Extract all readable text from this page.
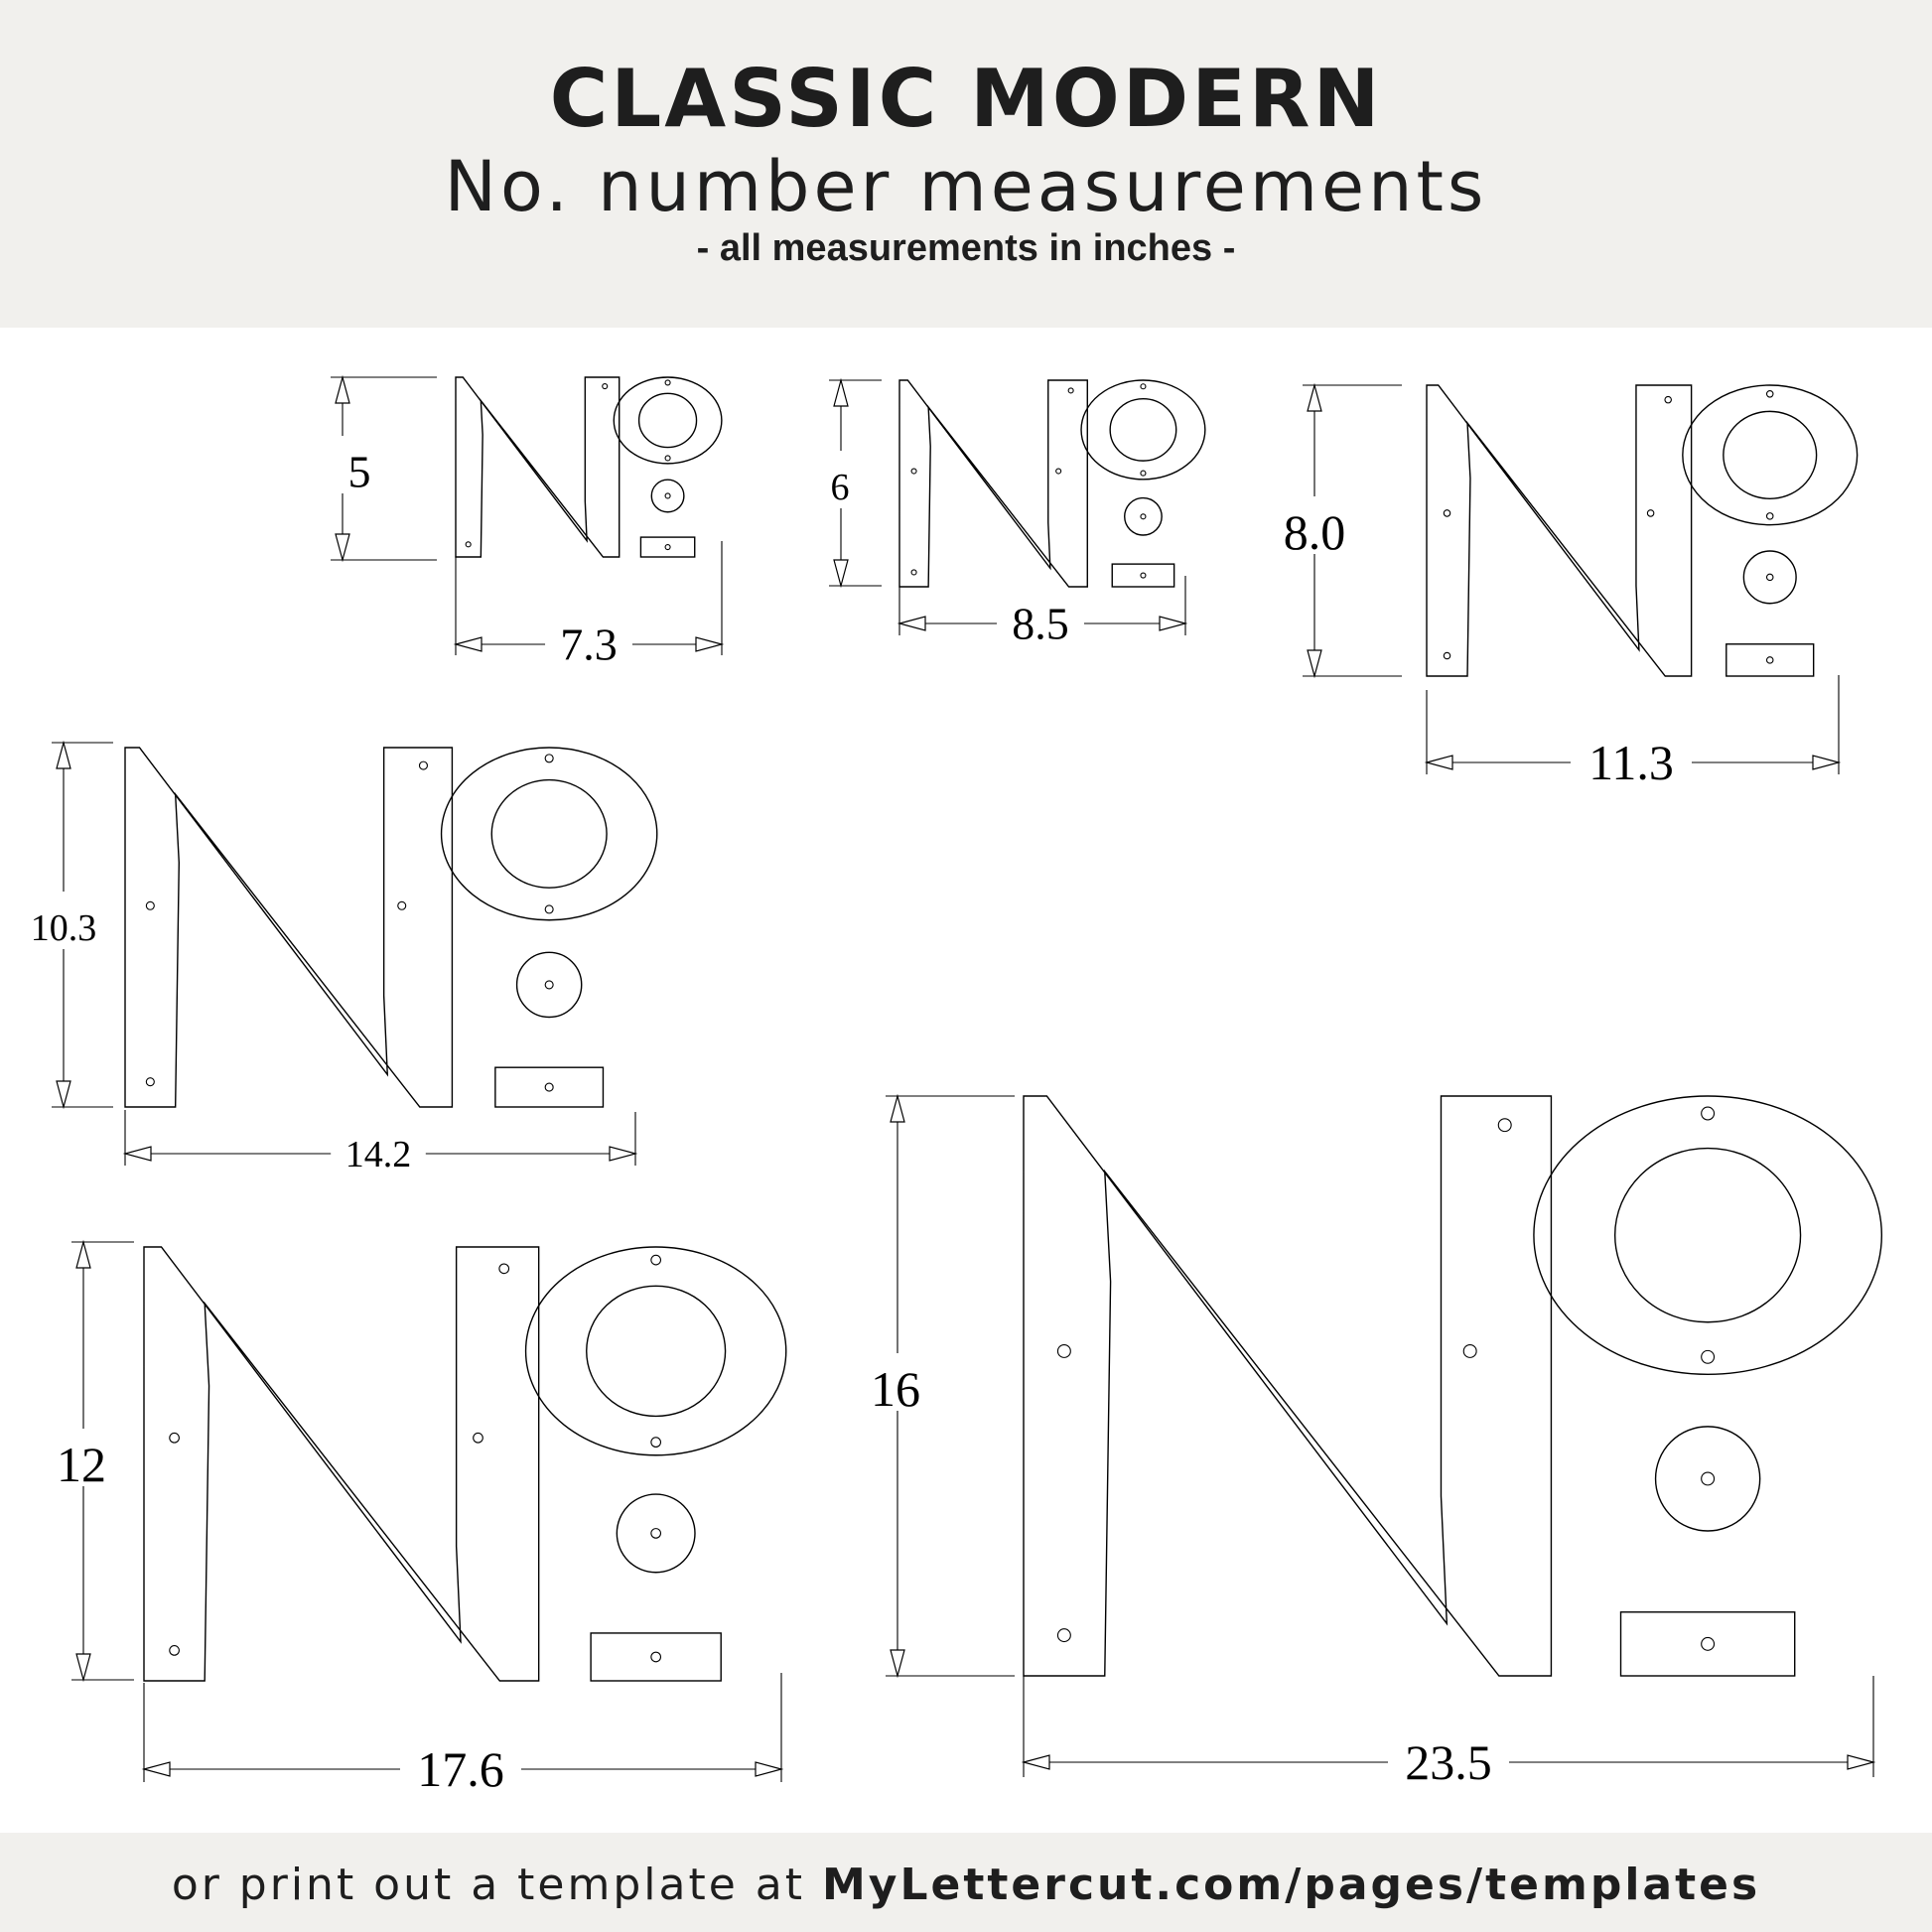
CLASSIC MODERN
No. number measurements
- all measurements in inches -
5
7.3
6
8.5
8.0
11.3
10.3
14.2
12
17.6
16
23.5
or print out a template at MyLettercut.com/pages/templates
